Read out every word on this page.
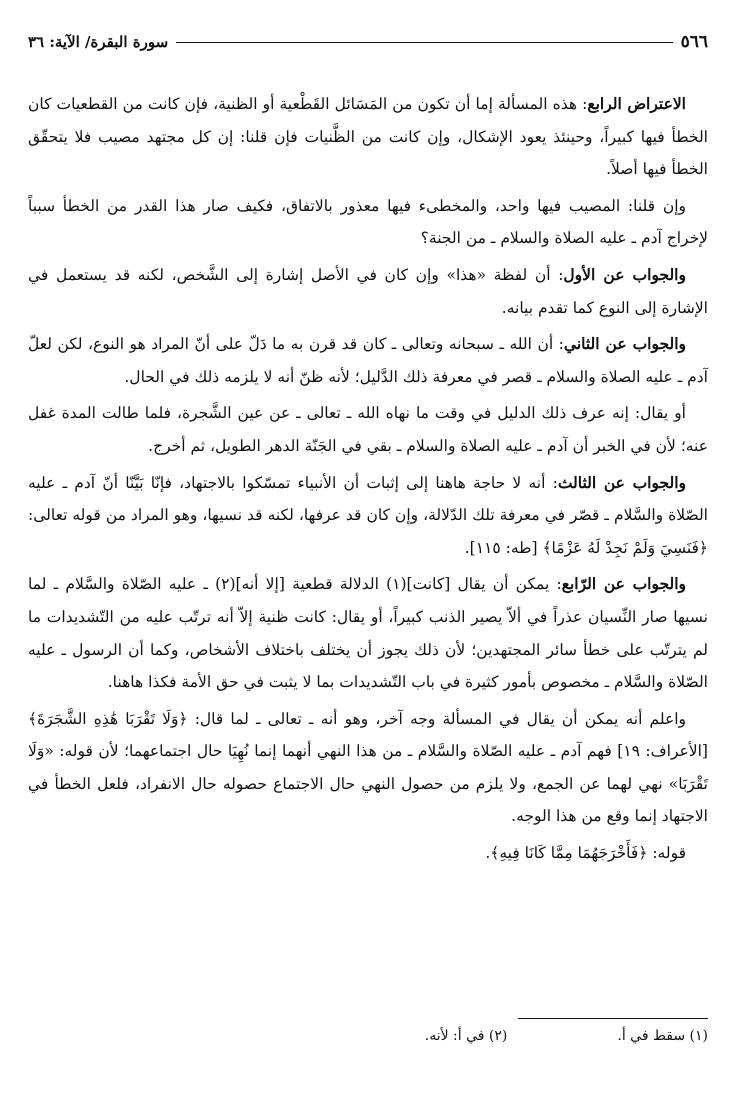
٥٦٦
سورة البقرة/ الآية: ٣٦

الاعتراض الرابع: هذه المسألة إما أن تكون من المَسَائل القَطْعية أو الظنية، فإن كانت من القطعيات كان الخطأ فيها كبيراً، وحينئذ يعود الإشكال، وإن كانت من الظَّنيات فإن قلنا: إن كل مجتهد مصيب فلا يتحقّق الخطأ فيها أصلاً.

وإن قلنا: المصيب فيها واحد، والمخطىء فيها معذور بالاتفاق، فكيف صار هذا القدر من الخطأ سبباً لإخراج آدم ـ عليه الصلاة والسلام ـ من الجنة؟

والجواب عن الأول: أن لفظة «هذا» وإن كان في الأصل إشارة إلى الشَّخص، لكنه قد يستعمل في الإشارة إلى النوع كما تقدم بيانه.

والجواب عن الثاني: أن الله ـ سبحانه وتعالى ـ كان قد قرن به ما دَلّ على أنّ المراد هو النوع، لكن لعلّ آدم ـ عليه الصلاة والسلام ـ قصر في معرفة ذلك الدَّليل؛ لأنه ظنّ أنه لا يلزمه ذلك في الحال.

أو يقال: إنه عرف ذلك الدليل في وقت ما نهاه الله ـ تعالى ـ عن عين الشَّجرة، فلما طالت المدة غفل عنه؛ لأن في الخبر أن آدم ـ عليه الصلاة والسلام ـ بقي في الجَنّة الدهر الطويل، ثم أخرج.

والجواب عن الثالث: أنه لا حاجة هاهنا إلى إثبات أن الأنبياء تمسّكوا بالاجتهاد، فإنّا بَيَّنّا أنّ آدم ـ عليه الصّلاة والسَّلام ـ قصّر في معرفة تلك الدّلالة، وإن كان قد عرفها، لكنه قد نسيها، وهو المراد من قوله تعالى: ﴿فَنَسِيَ وَلَمْ نَجِدْ لَهُ عَزْمًا﴾ [طه: ١١٥].

والجواب عن الرّابع: يمكن أن يقال [كانت](١) الدلالة قطعية [إلا أنه](٢) ـ عليه الصّلاة والسَّلام ـ لما نسيها صار النِّسيان عذراً في ألاّ يصير الذنب كبيراً، أو يقال: كانت ظنية إلاّ أنه ترتّب عليه من التّشديدات ما لم يترتّب على خطأ سائر المجتهدين؛ لأن ذلك يجوز أن يختلف باختلاف الأشخاص، وكما أن الرسول ـ عليه الصّلاة والسَّلام ـ مخصوص بأمور كثيرة في باب التّشديدات بما لا يثبت في حق الأمة فكذا هاهنا.

واعلم أنه يمكن أن يقال في المسألة وجه آخر، وهو أنه ـ تعالى ـ لما قال: ﴿وَلَا تَقْرَبَا هَٰذِهِ الشَّجَرَةَ﴾ [الأعراف: ١٩] فهم آدم ـ عليه الصّلاة والسَّلام ـ من هذا النهي أنهما إنما نُهِيَا حال اجتماعهما؛ لأن قوله: «وَلَا تَقْرَبَا» نهي لهما عن الجمع، ولا يلزم من حصول النهي حال الاجتماع حصوله حال الانفراد، فلعل الخطأ في الاجتهاد إنما وقع من هذا الوجه.

قوله: ﴿فَأَخْرَجَهُمَا مِمَّا كَانَا فِيهِ﴾.

(١) سقط في أ.
(٢) في أ: لأنه.
